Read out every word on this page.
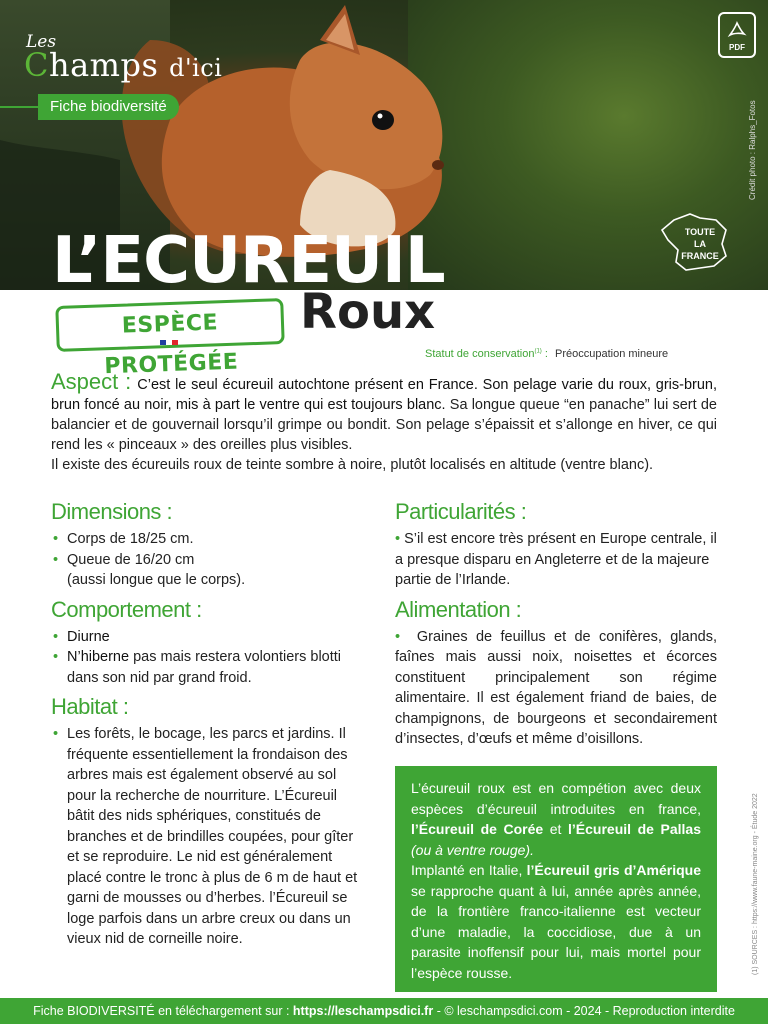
Les
Champs d'ici
Fiche biodiversité
PDF
TOUTE
LA
FRANCE
Crédit photo : Ralphs_Fotos
L’ECUREUIL
Roux
ESPÈCE PROTÉGÉE	Statut de conservation$^{(1)}$ : Préoccupation mineure
Aspect : C’est le seul écureuil autochtone présent en France. Son pelage varie du roux, gris-brun, brun foncé au noir, mis à part le ventre qui est toujours blanc. Sa longue queue “en panache” lui sert de balancier et de gouvernail lorsqu’il grimpe ou bondit. Son pelage s’épaissit et s’allonge en hiver, ce qui rend les « pinceaux » des oreilles plus visibles.
Il existe des écureuils roux de teinte sombre à noire, plutôt localisés en altitude (ventre blanc).
Dimensions :
• Corps de 18/25 cm.
• Queue de 16/20 cm
(aussi longue que le corps).
Comportement :
• Diurne
• N’hiberne pas mais restera volontiers blotti dans son nid par grand froid.
Habitat :
• Les forêts, le bocage, les parcs et jardins. Il fréquente essentiellement la frondaison des arbres mais est également observé au sol pour la recherche de nourriture. L’Écureuil bâtit des nids sphériques, constitués de branches et de brindilles coupées, pour gîter et se reproduire. Le nid est généralement placé contre le tronc à plus de 6 m de haut et garni de mousses ou d’herbes. l’Écureuil se loge parfois dans un arbre creux ou dans un vieux nid de corneille noire.
Particularités :
• S’il est encore très présent en Europe centrale, il a presque disparu en Angleterre et de la majeure partie de l’Irlande.
Alimentation :
•  Graines de feuillus et de conifères, glands, faînes mais aussi noix, noisettes et écorces constituent principalement son régime alimentaire. Il est également friand de baies, de champignons, de bourgeons et secondairement d’insectes, d’œufs et même d’oisillons.
L’écureuil roux est en compétion avec deux espèces d’écureuil introduites en france, l’Écureuil de Corée et l’Écureuil de Pallas (ou à ventre rouge).
Implanté en Italie, l’Écureuil gris d’Amérique se rapproche quant à lui, année après année, de la frontière franco-italienne est vecteur d’une maladie, la coccidiose, due à un parasite inoffensif pour lui, mais mortel pour l’espèce rousse.	(1) SOURCES : https://www.faune-maine.org - Étude 2022
Fiche BIODIVERSITÉ en téléchargement sur : https://leschampsdici.fr - © leschampsdici.com - 2024 - Reproduction interdite
